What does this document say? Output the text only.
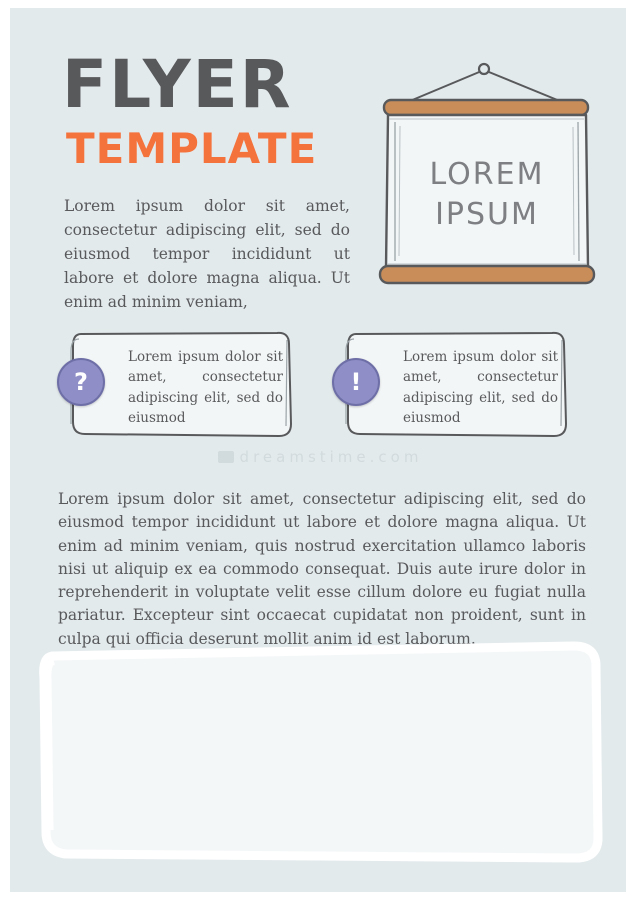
FLYER
TEMPLATE
Lorem ipsum dolor sit amet, consectetur adipiscing elit, sed do eiusmod tempor incididunt ut labore et dolore magna aliqua. Ut enim ad minim veniam,
LOREM
IPSUM
?
Lorem ipsum dolor sit amet, consectetur adipiscing elit, sed do eiusmod
!
Lorem ipsum dolor sit amet, consectetur adipiscing elit, sed do eiusmod
dreamstime.com
Lorem ipsum dolor sit amet, consectetur adipiscing elit, sed do eiusmod tempor incididunt ut labore et dolore magna aliqua. Ut enim ad minim veniam, quis nostrud exercitation ullamco laboris nisi ut aliquip ex ea commodo consequat. Duis aute irure dolor in reprehenderit in voluptate velit esse cillum dolore eu fugiat nulla pariatur. Excepteur sint occaecat cupidatat non proident, sunt in culpa qui officia deserunt mollit anim id est laborum.
